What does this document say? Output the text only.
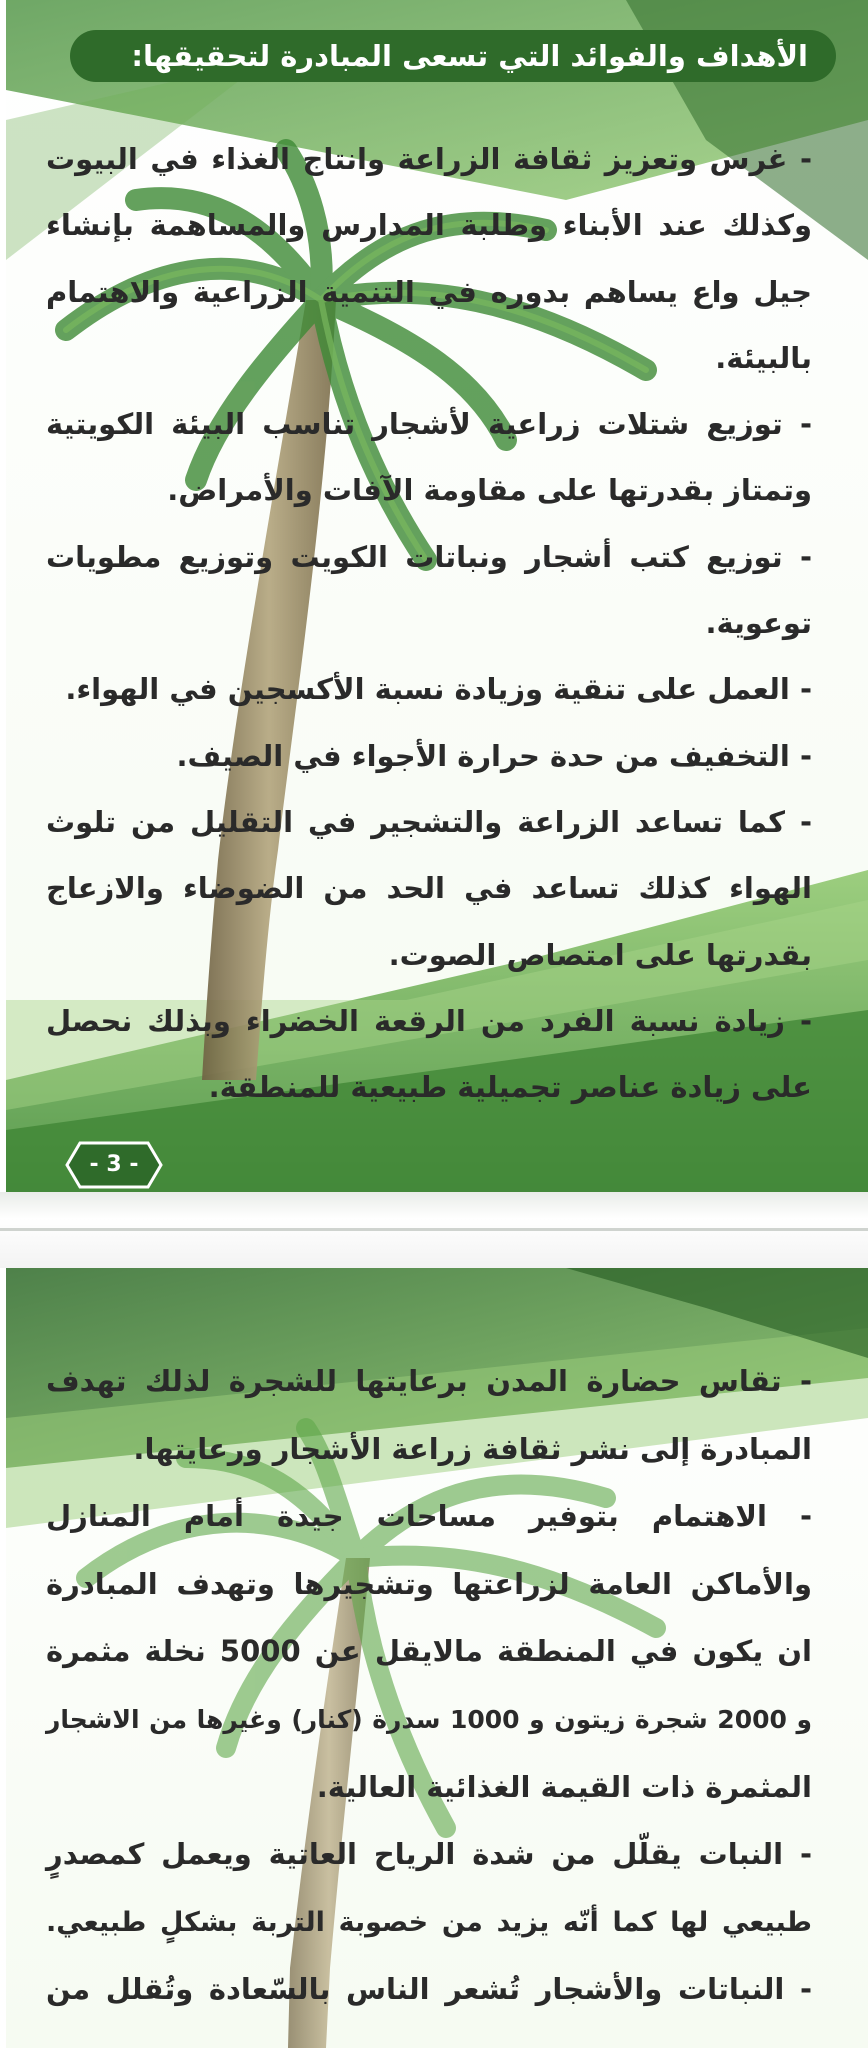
الأهداف والفوائد التي تسعى المبادرة لتحقيقها:
- غرس وتعزيز ثقافة الزراعة وانتاج الغذاء في البيوت
وكذلك عند الأبناء وطلبة المدارس والمساهمة بإنشاء
جيل واع يساهم بدوره في التنمية الزراعية والاهتمام
بالبيئة.
- توزيع شتلات زراعية لأشجار تناسب البيئة الكويتية
وتمتاز بقدرتها على مقاومة الآفات والأمراض.
- توزيع كتب أشجار ونباتات الكويت وتوزيع مطويات
توعوية.
- العمل على تنقية وزيادة نسبة الأكسجين في الهواء.
- التخفيف من حدة حرارة الأجواء في الصيف.
- كما تساعد الزراعة والتشجير في التقليل من تلوث
الهواء كذلك تساعد في الحد من الضوضاء والازعاج
بقدرتها على امتصاص الصوت.
- زيادة نسبة الفرد من الرقعة الخضراء وبذلك نحصل
على زيادة عناصر تجميلية طبيعية للمنطقة.
- 3 -
- تقاس حضارة المدن برعايتها للشجرة لذلك تهدف
المبادرة إلى نشر ثقافة زراعة الأشجار ورعايتها.
- الاهتمام بتوفير مساحات جيدة أمام المنازل
والأماكن العامة لزراعتها وتشجيرها وتهدف المبادرة
ان يكون في المنطقة مالايقل عن 5000 نخلة مثمرة
و 2000 شجرة زيتون و 1000 سدرة (كنار) وغيرها من الاشجار
المثمرة ذات القيمة الغذائية العالية.
- النبات يقلّل من شدة الرياح العاتية ويعمل كمصدرٍ
طبيعي لها كما أنّه يزيد من خصوبة التربة بشكلٍ طبيعي.
- النباتات والأشجار تُشعر الناس بالسّعادة وتُقلل من
